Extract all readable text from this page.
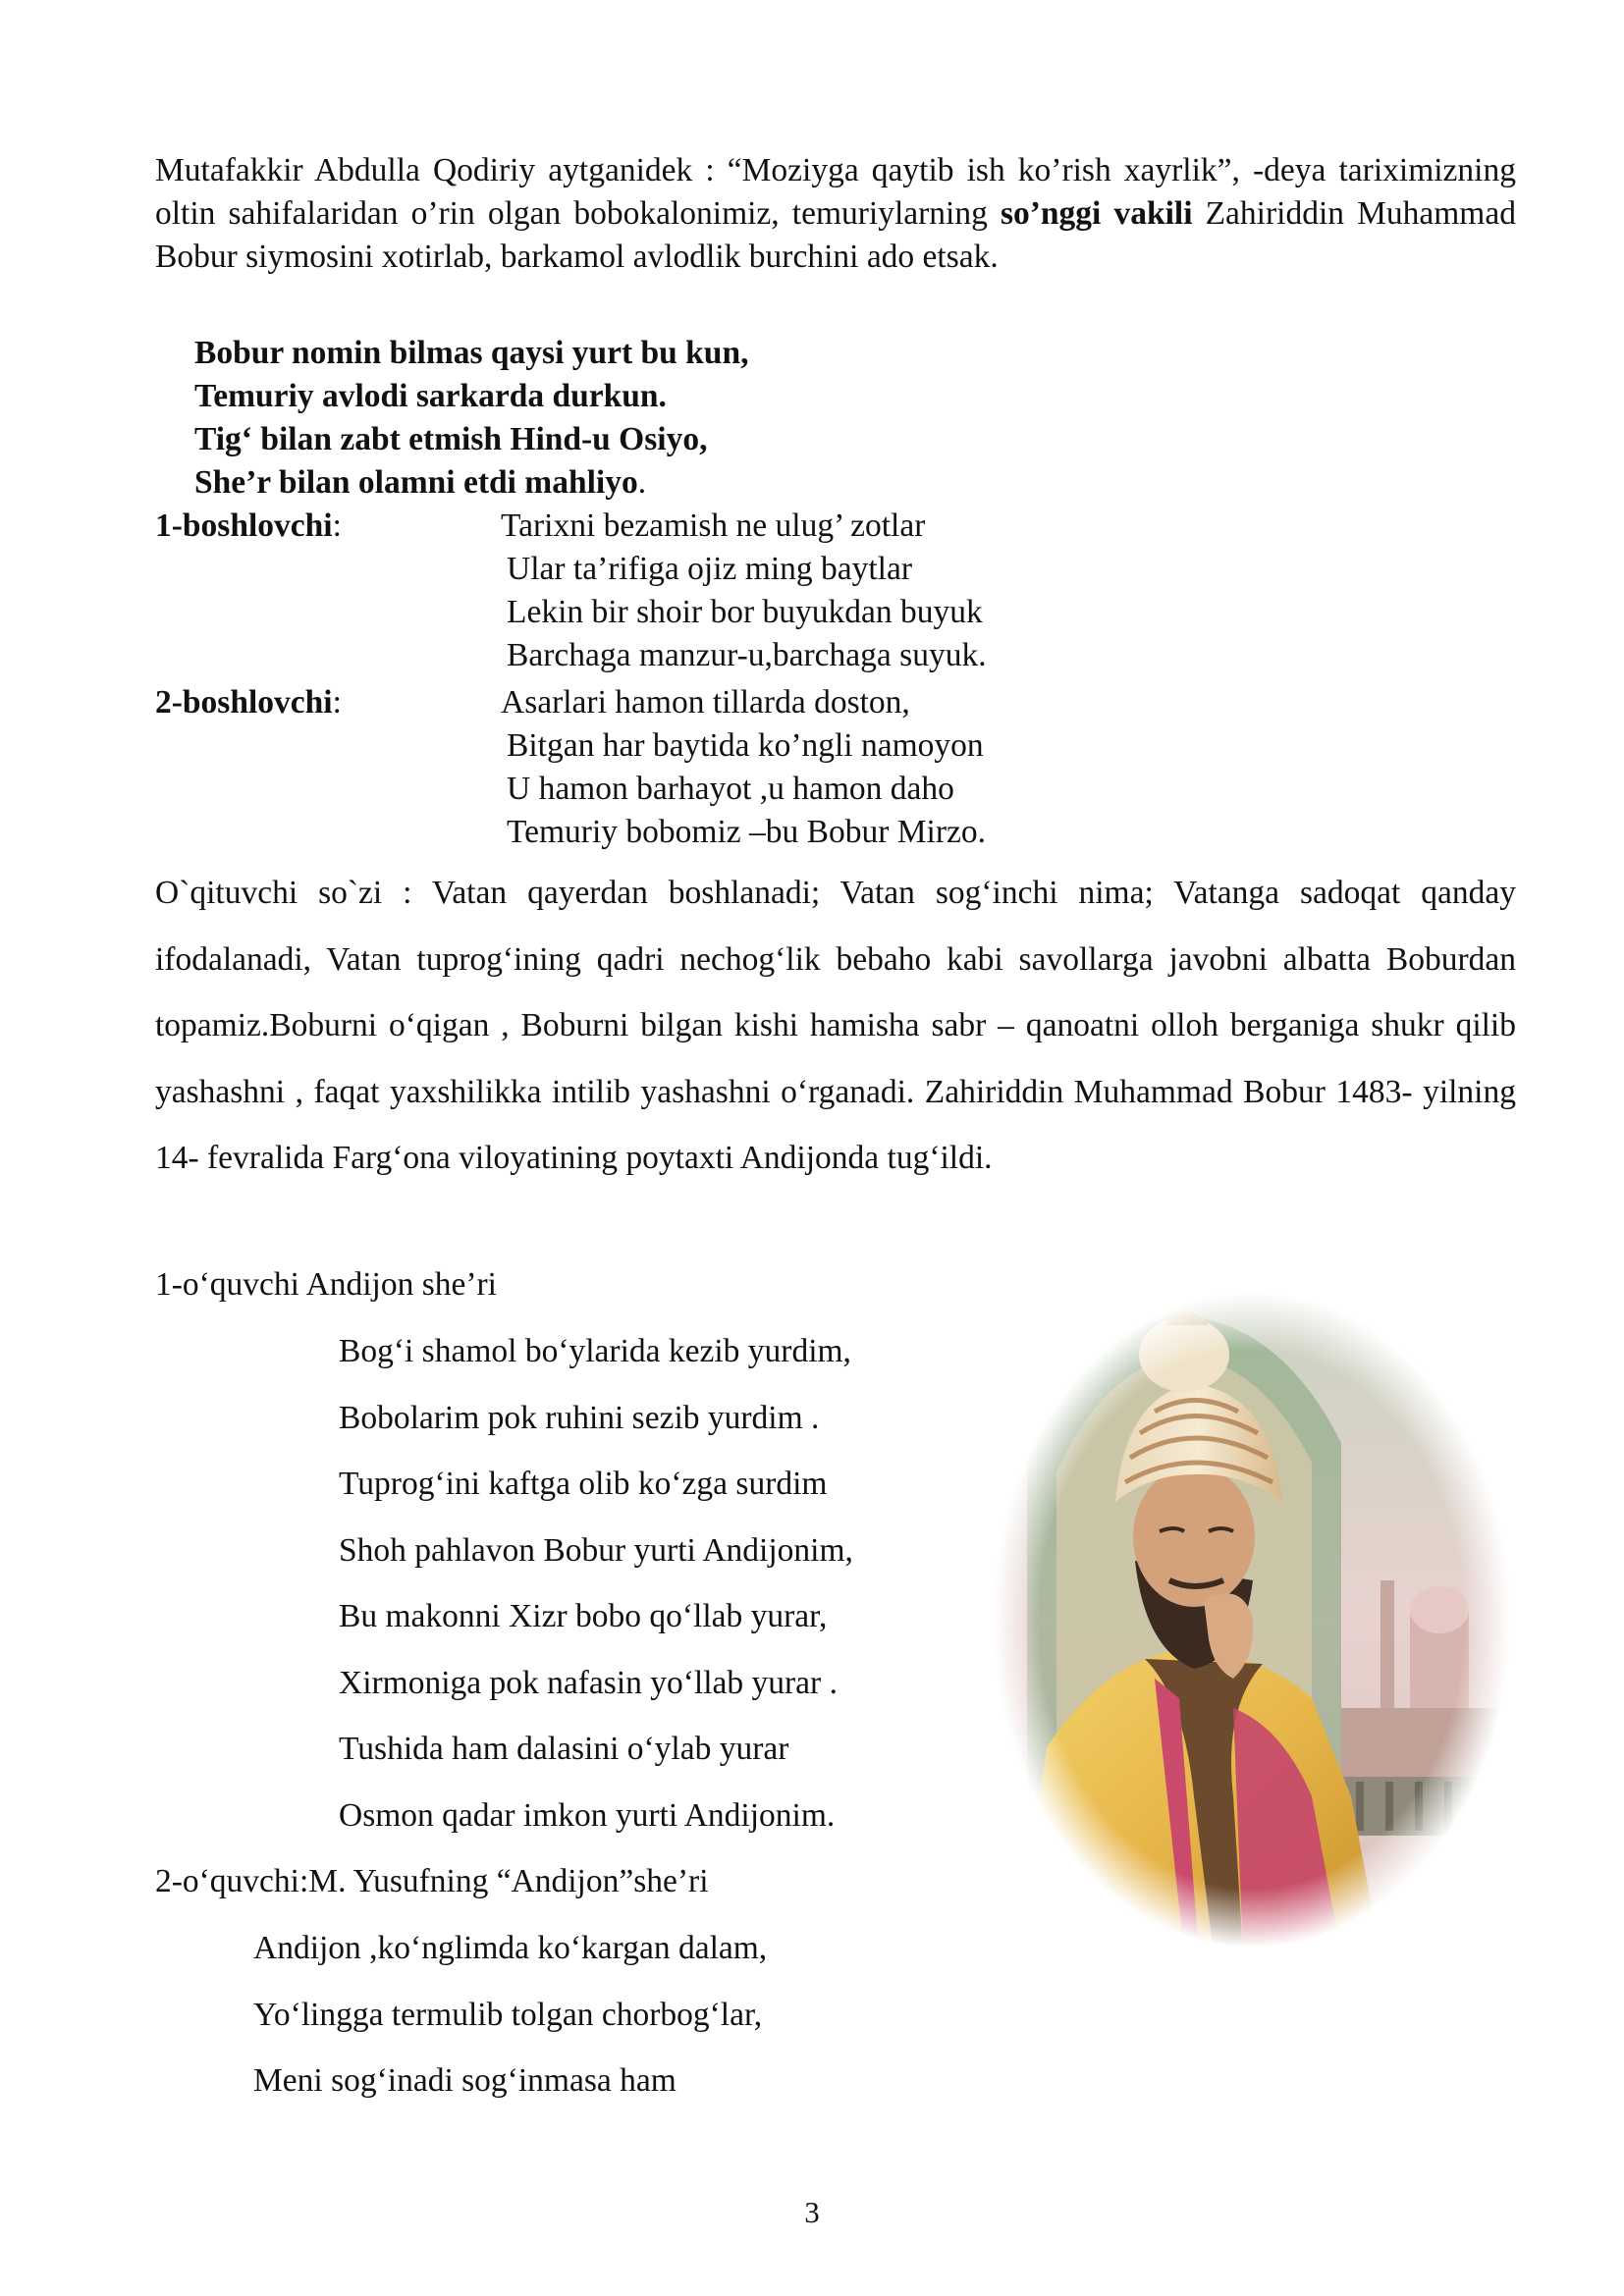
Mutafakkir Abdulla Qodiriy aytganidek : “Moziyga qaytib ish ko’rish xayrlik”, -deya tariximizning oltin sahifalaridan o’rin olgan bobokalonimiz, temuriylarning so’nggi vakili Zahiriddin Muhammad Bobur siymosini xotirlab, barkamol avlodlik burchini ado etsak.

Bobur nomin bilmas qaysi yurt bu kun,
Temuriy avlodi sarkarda durkun.
Tig‘ bilan zabt etmish Hind-u Osiyo,
She’r bilan olamni etdi mahliyo.
1-boshlovchi:	Tarixni bezamish ne ulug’ zotlar
Ular ta’rifiga ojiz ming baytlar
Lekin bir shoir bor buyukdan buyuk
Barchaga manzur-u,barchaga suyuk.
2-boshlovchi:	Asarlari hamon tillarda doston,
Bitgan har baytida ko’ngli namoyon
U hamon barhayot ,u hamon daho
Temuriy bobomiz –bu Bobur Mirzo.

O`qituvchi so`zi : Vatan qayerdan boshlanadi; Vatan sog‘inchi nima; Vatanga sadoqat qanday ifodalanadi, Vatan tuprog‘ining qadri nechog‘lik bebaho kabi savollarga javobni albatta Boburdan topamiz.Boburni o‘qigan , Boburni bilgan kishi hamisha sabr – qanoatni olloh berganiga shukr qilib yashashni , faqat yaxshilikka intilib yashashni o‘rganadi. Zahiriddin Muhammad Bobur 1483- yilning 14- fevralida Farg‘ona viloyatining poytaxti Andijonda tug‘ildi.

1-o‘quvchi Andijon she’ri
Bog‘i shamol bo‘ylarida kezib yurdim,
Bobolarim pok ruhini sezib yurdim .
Tuprog‘ini kaftga olib ko‘zga surdim
Shoh pahlavon Bobur yurti Andijonim,
Bu makonni Xizr bobo qo‘llab yurar,
Xirmoniga pok nafasin yo‘llab yurar .
Tushida ham dalasini o‘ylab yurar
Osmon qadar imkon yurti Andijonim.
2-o‘quvchi:M. Yusufning “Andijon”she’ri
Andijon ,ko‘nglimda ko‘kargan dalam,
Yo‘lingga termulib tolgan chorbog‘lar,
Meni sog‘inadi sog‘inmasa ham
3
